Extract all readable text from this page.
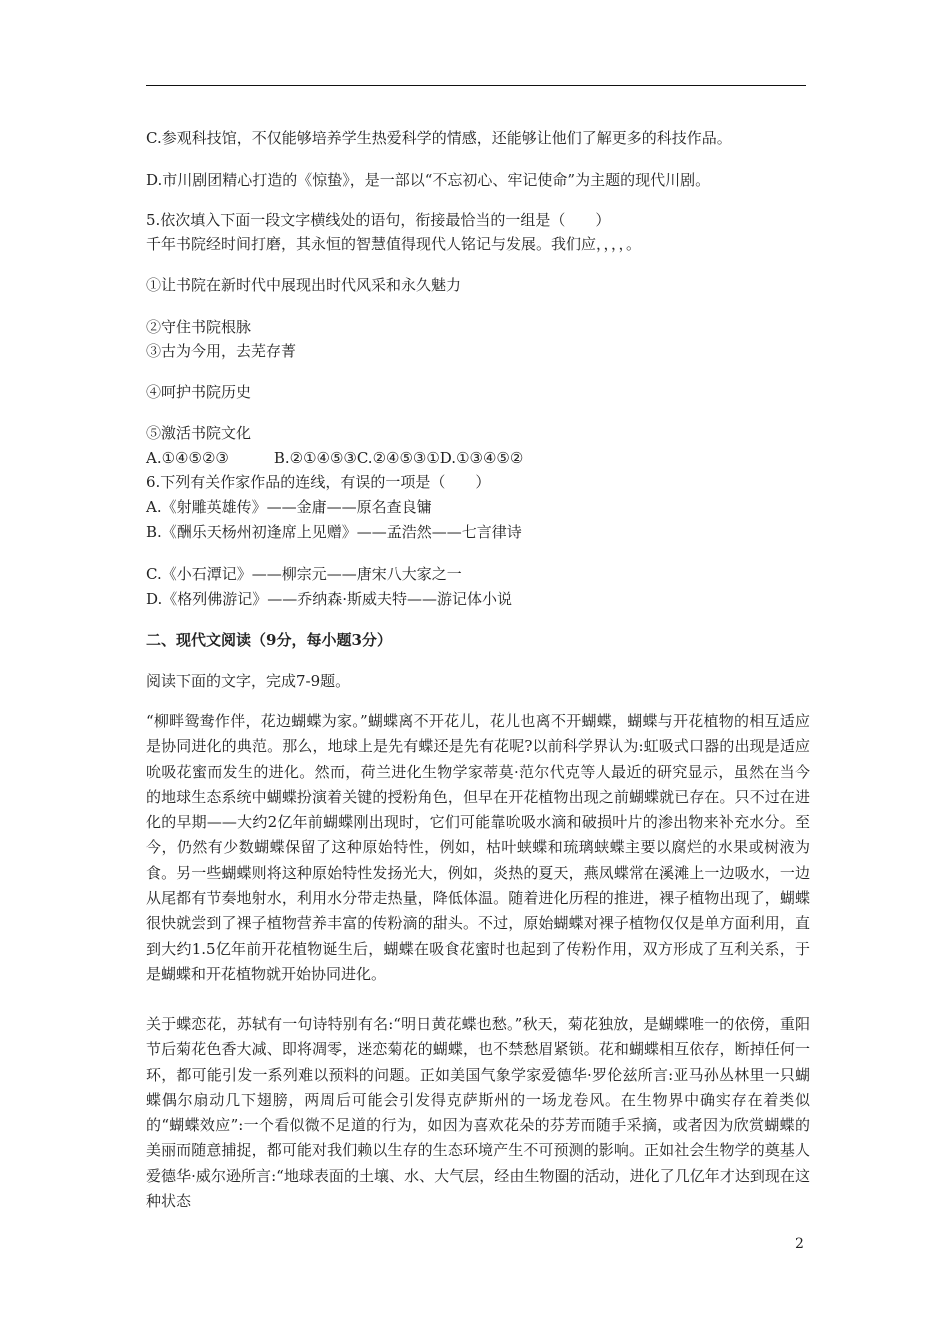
C.参观科技馆，不仅能够培养学生热爱科学的情感，还能够让他们了解更多的科技作品。

D.市川剧团精心打造的《惊蛰》，是一部以“不忘初心、牢记使命”为主题的现代川剧。

5.依次填入下面一段文字横线处的语句，衔接最恰当的一组是（　　）

千年书院经时间打磨，其永恒的智慧值得现代人铭记与发展。我们应，，，，。

①让书院在新时代中展现出时代风采和永久魅力

②守住书院根脉

③古为今用，去芜存菁

④呵护书院历史

⑤激活书院文化

A.①④⑤②③　　　B.②①④⑤③C.②④⑤③①D.①③④⑤②

6.下列有关作家作品的连线，有误的一项是（　　）

A.《射雕英雄传》——金庸——原名查良镛

B.《酬乐天杨州初逢席上见赠》——孟浩然——七言律诗

C.《小石潭记》——柳宗元——唐宋八大家之一

D.《格列佛游记》——乔纳森·斯威夫特——游记体小说

二、现代文阅读（9分，每小题3分）

阅读下面的文字，完成7-9题。

“柳畔鸳鸯作伴，花边蝴蝶为家。”蝴蝶离不开花儿，花儿也离不开蝴蝶，蝴蝶与开花植物的相互适应是协同进化的典范。那么，地球上是先有蝶还是先有花呢?以前科学界认为:虹吸式口器的出现是适应吮吸花蜜而发生的进化。然而，荷兰进化生物学家蒂莫·范尔代克等人最近的研究显示，虽然在当今的地球生态系统中蝴蝶扮演着关键的授粉角色，但早在开花植物出现之前蝴蝶就已存在。只不过在进化的早期——大约2亿年前蝴蝶刚出现时，它们可能靠吮吸水滴和破损叶片的渗出物来补充水分。至今，仍然有少数蝴蝶保留了这种原始特性，例如，枯叶蛱蝶和琉璃蛱蝶主要以腐烂的水果或树液为食。另一些蝴蝶则将这种原始特性发扬光大，例如，炎热的夏天，燕凤蝶常在溪滩上一边吸水，一边从尾都有节奏地射水，利用水分带走热量，降低体温。随着进化历程的推进，裸子植物出现了，蝴蝶很快就尝到了裸子植物营养丰富的传粉滴的甜头。不过，原始蝴蝶对裸子植物仅仅是单方面利用，直到大约1.5亿年前开花植物诞生后，蝴蝶在吸食花蜜时也起到了传粉作用，双方形成了互利关系，于是蝴蝶和开花植物就开始协同进化。

关于蝶恋花，苏轼有一句诗特别有名:“明日黄花蝶也愁。”秋天，菊花独放，是蝴蝶唯一的依傍，重阳节后菊花色香大减、即将凋零，迷恋菊花的蝴蝶，也不禁愁眉紧锁。花和蝴蝶相互依存，断掉任何一环，都可能引发一系列难以预料的问题。正如美国气象学家爱德华·罗伦兹所言:亚马孙丛林里一只蝴蝶偶尔扇动几下翅膀，两周后可能会引发得克萨斯州的一场龙卷风。在生物界中确实存在着类似的“蝴蝶效应”:一个看似微不足道的行为，如因为喜欢花朵的芬芳而随手采摘，或者因为欣赏蝴蝶的美丽而随意捕捉，都可能对我们赖以生存的生态环境产生不可预测的影响。正如社会生物学的奠基人爱德华·威尔逊所言:“地球表面的土壤、水、大气层，经由生物圈的活动，进化了几亿年才达到现在这种状态

2
